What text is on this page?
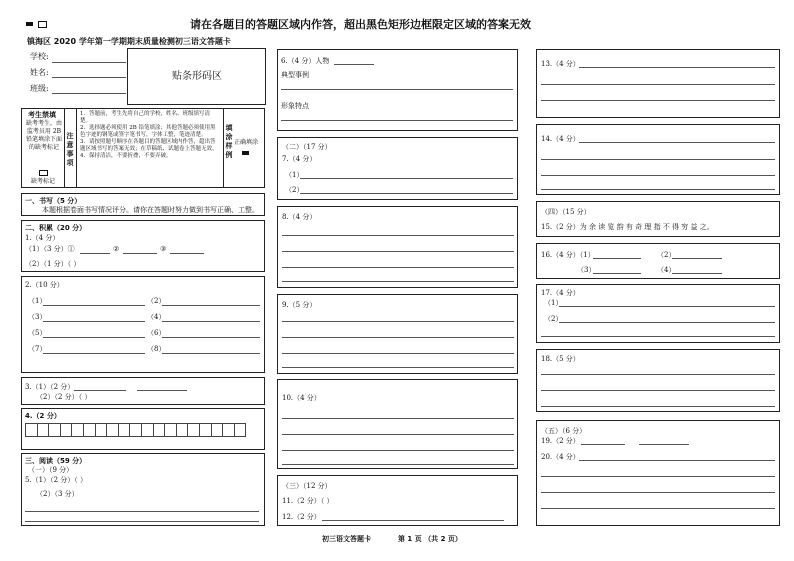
请在各题目的答题区域内作答，超出黑色矩形边框限定区域的答案无效
镇海区 2020 学年第一学期期末质量检测初三语文答题卡
学校:
姓名:
班级:
贴条形码区
考生禁填
缺考考生，由监考员用 2B 铅笔填涂下面的缺考标记
缺考标记
注意事项
1．答题前，考生先将自己的学校，姓名、班级填写清楚。
2．选择题必须使用 2B 铅笔填涂；其他答题必须使用黑色字迹的钢笔或签字笔书写，字体工整，笔迹清楚。
3．请按照题号顺序在各题目的答题区域内作答，超出答题区域书写的答案无效；在草稿纸、试题卷上答题无效。
4．保持清洁，不要折叠，不要弄破。
填涂样例
正确填涂
一、书写（5 分）
本题根据卷面书写情况评分。请你在答题时努力做到书写正确、工整。
二、积累（20 分）
1.（4 分）
（1）（3 分）①	②	③
（2）（1 分）（ ）
2.（10 分）
（1）	（2）
（3）	（4）
（5）	（6）
（7）	（8）
3.（1）（2 分）
（2）（2 分）（ ）
4.（2 分）
三、阅读（59 分）
（一）（9 分）
5.（1）（2 分）（ ）
（2）（3 分）
6.（4 分）人物
典型事例
形象特点
（二）（17 分）
7.（4 分）
（1）
（2）
8.（4 分）
9.（5 分）
10.（4 分）
（三）（12 分）
11.（2 分）（ ）
12.（2 分）
13.（4 分）
14.（4 分）
（四）（15 分）
15.（2 分）为 余 读 览 韵 有 奇 理 指 不 得 穷 益 之。
16.（4 分）（1）	（2）
（3）	（4）
17.（4 分）
（1）
（2）
18.（5 分）
（五）（6 分）
19.（2 分）
20.（4 分）
初三语文答题卡	第 1 页 （共 2 页）
